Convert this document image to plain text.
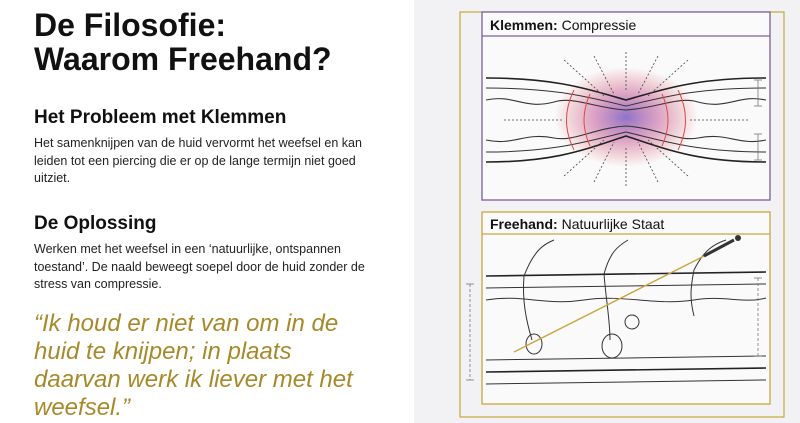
De Filosofie:
Waarom Freehand?
Het Probleem met Klemmen

Het samenknijpen van de huid vervormt het weefsel en kan leiden tot een piercing die er op de lange termijn niet goed uitziet.

De Oplossing

Werken met het weefsel in een ‘natuurlijke, ontspannen toestand’. De naald beweegt soepel door de huid zonder de stress van compressie.

“Ik houd er niet van om in de huid te knijpen; in plaats daarvan werk ik liever met het weefsel.”
Klemmen: Compressie
Freehand: Natuurlijke Staat
